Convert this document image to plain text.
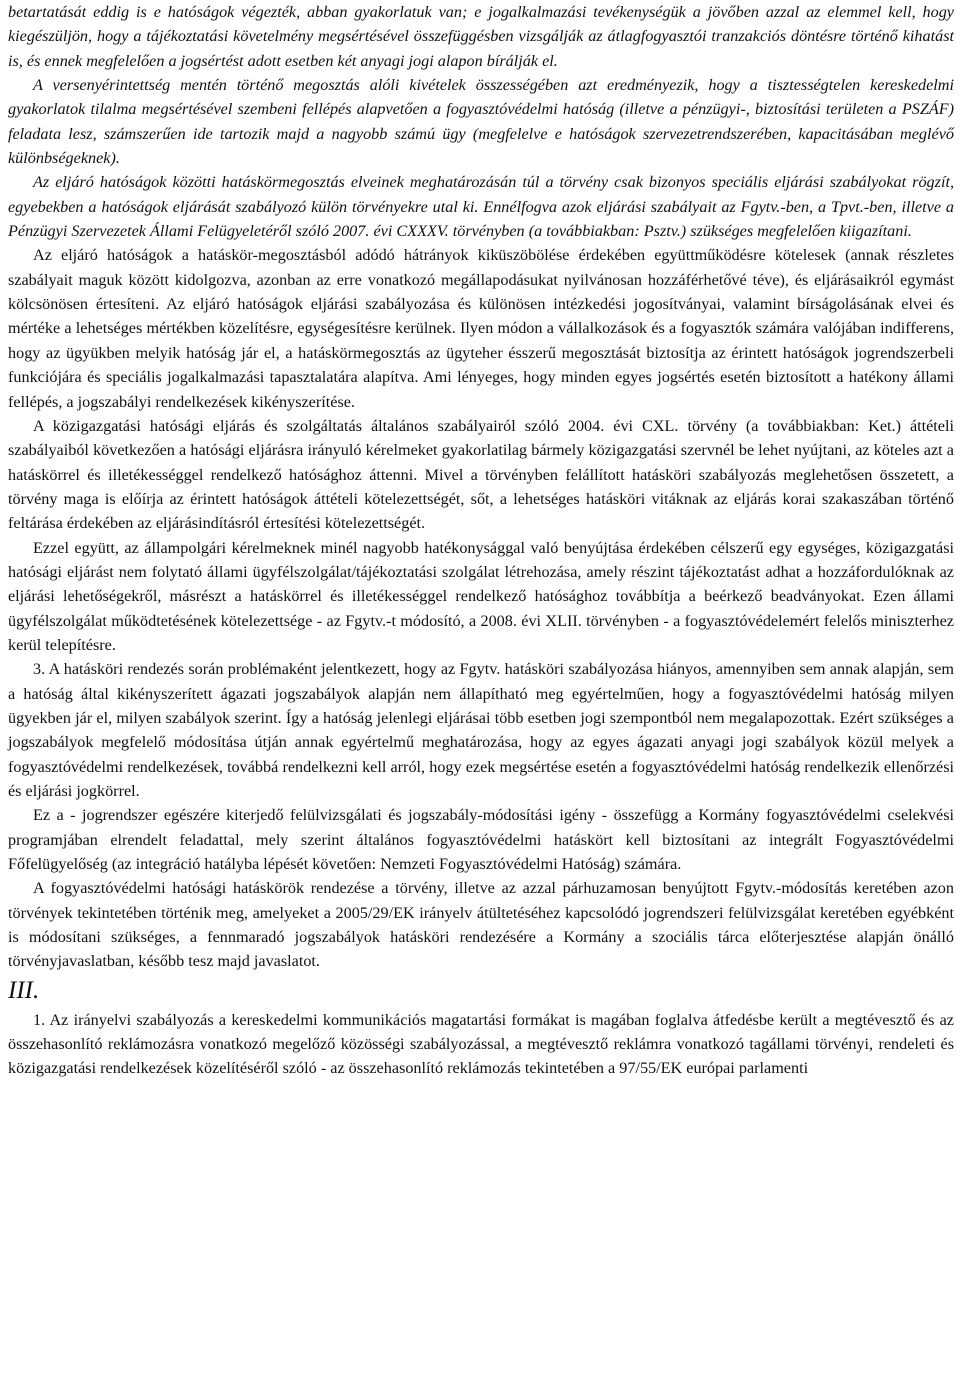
betartatását eddig is e hatóságok végezték, abban gyakorlatuk van; e jogalkalmazási tevékenységük a jövőben azzal az elemmel kell, hogy kiegészüljön, hogy a tájékoztatási követelmény megsértésével összefüggésben vizsgálják az átlagfogyasztói tranzakciós döntésre történő kihatást is, és ennek megfelelően a jogsértést adott esetben két anyagi jogi alapon bírálják el.

A versenyérintettség mentén történő megosztás alóli kivételek összességében azt eredményezik, hogy a tisztességtelen kereskedelmi gyakorlatok tilalma megsértésével szembeni fellépés alapvetően a fogyasztóvédelmi hatóság (illetve a pénzügyi-, biztosítási területen a PSZÁF) feladata lesz, számszerűen ide tartozik majd a nagyobb számú ügy (megfelelve e hatóságok szervezetrendszerében, kapacitásában meglévő különbségeknek).

Az eljáró hatóságok közötti hatáskörmegosztás elveinek meghatározásán túl a törvény csak bizonyos speciális eljárási szabályokat rögzít, egyebekben a hatóságok eljárását szabályozó külön törvényekre utal ki. Ennélfogva azok eljárási szabályait az Fgytv.-ben, a Tpvt.-ben, illetve a Pénzügyi Szervezetek Állami Felügyeletéről szóló 2007. évi CXXXV. törvényben (a továbbiakban: Psztv.) szükséges megfelelően kiigazítani.

Az eljáró hatóságok a hatáskör-megosztásból adódó hátrányok kiküszöbölése érdekében együttműködésre kötelesek (annak részletes szabályait maguk között kidolgozva, azonban az erre vonatkozó megállapodásukat nyilvánosan hozzáférhetővé téve), és eljárásaikról egymást kölcsönösen értesíteni. Az eljáró hatóságok eljárási szabályozása és különösen intézkedési jogosítványai, valamint bírságolásának elvei és mértéke a lehetséges mértékben közelítésre, egységesítésre kerülnek. Ilyen módon a vállalkozások és a fogyasztók számára valójában indifferens, hogy az ügyükben melyik hatóság jár el, a hatáskörmegosztás az ügyteher ésszerű megosztását biztosítja az érintett hatóságok jogrendszerbeli funkciójára és speciális jogalkalmazási tapasztalatára alapítva. Ami lényeges, hogy minden egyes jogsértés esetén biztosított a hatékony állami fellépés, a jogszabályi rendelkezések kikényszerítése.

A közigazgatási hatósági eljárás és szolgáltatás általános szabályairól szóló 2004. évi CXL. törvény (a továbbiakban: Ket.) áttételi szabályaiból következően a hatósági eljárásra irányuló kérelmeket gyakorlatilag bármely közigazgatási szervnél be lehet nyújtani, az köteles azt a hatáskörrel és illetékességgel rendelkező hatósághoz áttenni. Mivel a törvényben felállított hatásköri szabályozás meglehetősen összetett, a törvény maga is előírja az érintett hatóságok áttételi kötelezettségét, sőt, a lehetséges hatásköri vitáknak az eljárás korai szakaszában történő feltárása érdekében az eljárásindításról értesítési kötelezettségét.

Ezzel együtt, az állampolgári kérelmeknek minél nagyobb hatékonysággal való benyújtása érdekében célszerű egy egységes, közigazgatási hatósági eljárást nem folytató állami ügyfélszolgálat/tájékoztatási szolgálat létrehozása, amely részint tájékoztatást adhat a hozzáfordulóknak az eljárási lehetőségekről, másrészt a hatáskörrel és illetékességgel rendelkező hatósághoz továbbítja a beérkező beadványokat. Ezen állami ügyfélszolgálat működtetésének kötelezettsége - az Fgytv.-t módosító, a 2008. évi XLII. törvényben - a fogyasztóvédelemért felelős miniszterhez kerül telepítésre.

3. A hatásköri rendezés során problémaként jelentkezett, hogy az Fgytv. hatásköri szabályozása hiányos, amennyiben sem annak alapján, sem a hatóság által kikényszerített ágazati jogszabályok alapján nem állapítható meg egyértelműen, hogy a fogyasztóvédelmi hatóság milyen ügyekben jár el, milyen szabályok szerint. Így a hatóság jelenlegi eljárásai több esetben jogi szempontból nem megalapozottak. Ezért szükséges a jogszabályok megfelelő módosítása útján annak egyértelmű meghatározása, hogy az egyes ágazati anyagi jogi szabályok közül melyek a fogyasztóvédelmi rendelkezések, továbbá rendelkezni kell arról, hogy ezek megsértése esetén a fogyasztóvédelmi hatóság rendelkezik ellenőrzési és eljárási jogkörrel.

Ez a - jogrendszer egészére kiterjedő felülvizsgálati és jogszabály-módosítási igény - összefügg a Kormány fogyasztóvédelmi cselekvési programjában elrendelt feladattal, mely szerint általános fogyasztóvédelmi hatáskört kell biztosítani az integrált Fogyasztóvédelmi Főfelügyelőség (az integráció hatályba lépését követően: Nemzeti Fogyasztóvédelmi Hatóság) számára.

A fogyasztóvédelmi hatósági hatáskörök rendezése a törvény, illetve az azzal párhuzamosan benyújtott Fgytv.-módosítás keretében azon törvények tekintetében történik meg, amelyeket a 2005/29/EK irányelv átültetéséhez kapcsolódó jogrendszeri felülvizsgálat keretében egyébként is módosítani szükséges, a fennmaradó jogszabályok hatásköri rendezésére a Kormány a szociális tárca előterjesztése alapján önálló törvényjavaslatban, később tesz majd javaslatot.

III.

1. Az irányelvi szabályozás a kereskedelmi kommunikációs magatartási formákat is magában foglalva átfedésbe került a megtévesztő és az összehasonlító reklámozásra vonatkozó megelőző közösségi szabályozással, a megtévesztő reklámra vonatkozó tagállami törvényi, rendeleti és közigazgatási rendelkezések közelítéséről szóló - az összehasonlító reklámozás tekintetében a 97/55/EK európai parlamenti
